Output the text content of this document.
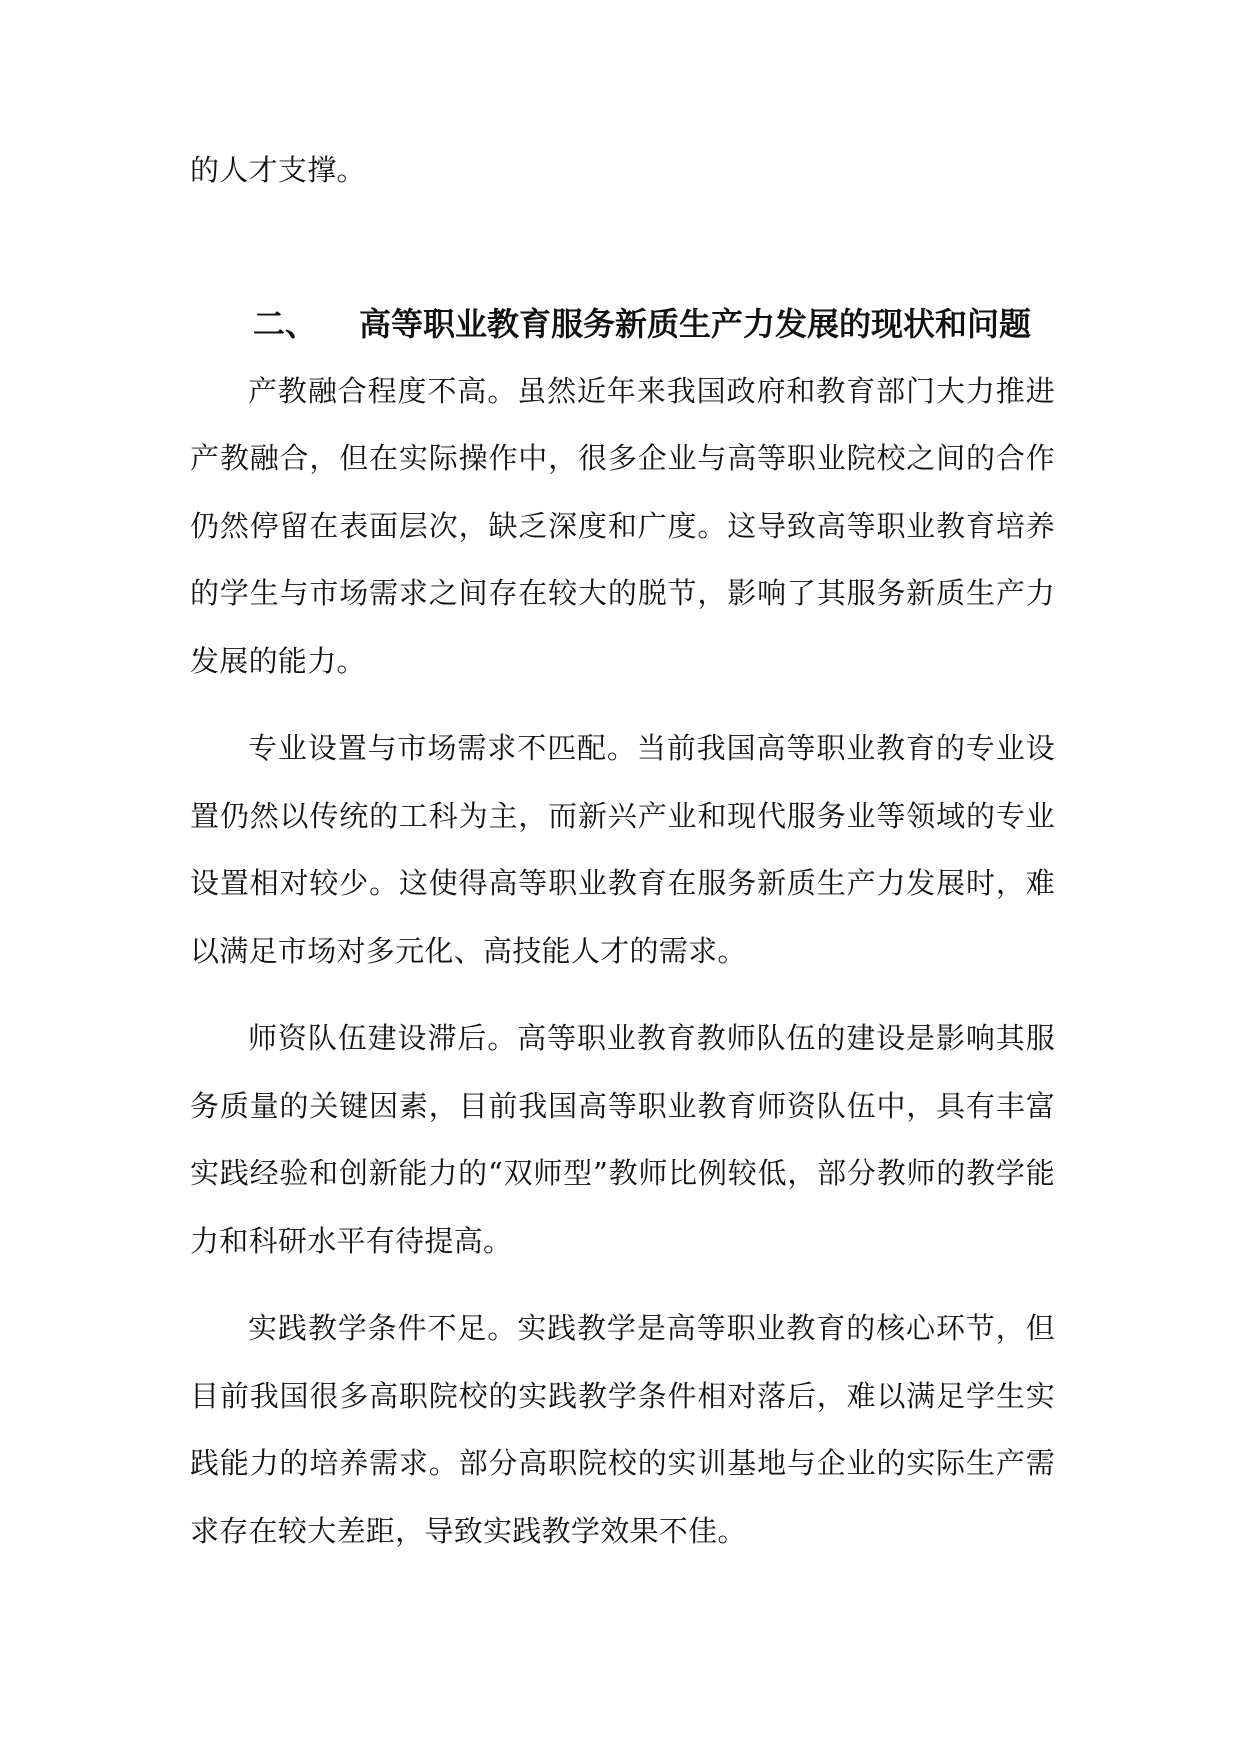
的人才支撑。

二、 高等职业教育服务新质生产力发展的现状和问题

产教融合程度不高。虽然近年来我国政府和教育部门大力推进产教融合，但在实际操作中，很多企业与高等职业院校之间的合作仍然停留在表面层次，缺乏深度和广度。这导致高等职业教育培养的学生与市场需求之间存在较大的脱节，影响了其服务新质生产力发展的能力。

专业设置与市场需求不匹配。当前我国高等职业教育的专业设置仍然以传统的工科为主，而新兴产业和现代服务业等领域的专业设置相对较少。这使得高等职业教育在服务新质生产力发展时，难以满足市场对多元化、高技能人才的需求。

师资队伍建设滞后。高等职业教育教师队伍的建设是影响其服务质量的关键因素，目前我国高等职业教育师资队伍中，具有丰富实践经验和创新能力的“双师型”教师比例较低，部分教师的教学能力和科研水平有待提高。

实践教学条件不足。实践教学是高等职业教育的核心环节，但目前我国很多高职院校的实践教学条件相对落后，难以满足学生实践能力的培养需求。部分高职院校的实训基地与企业的实际生产需求存在较大差距，导致实践教学效果不佳。
